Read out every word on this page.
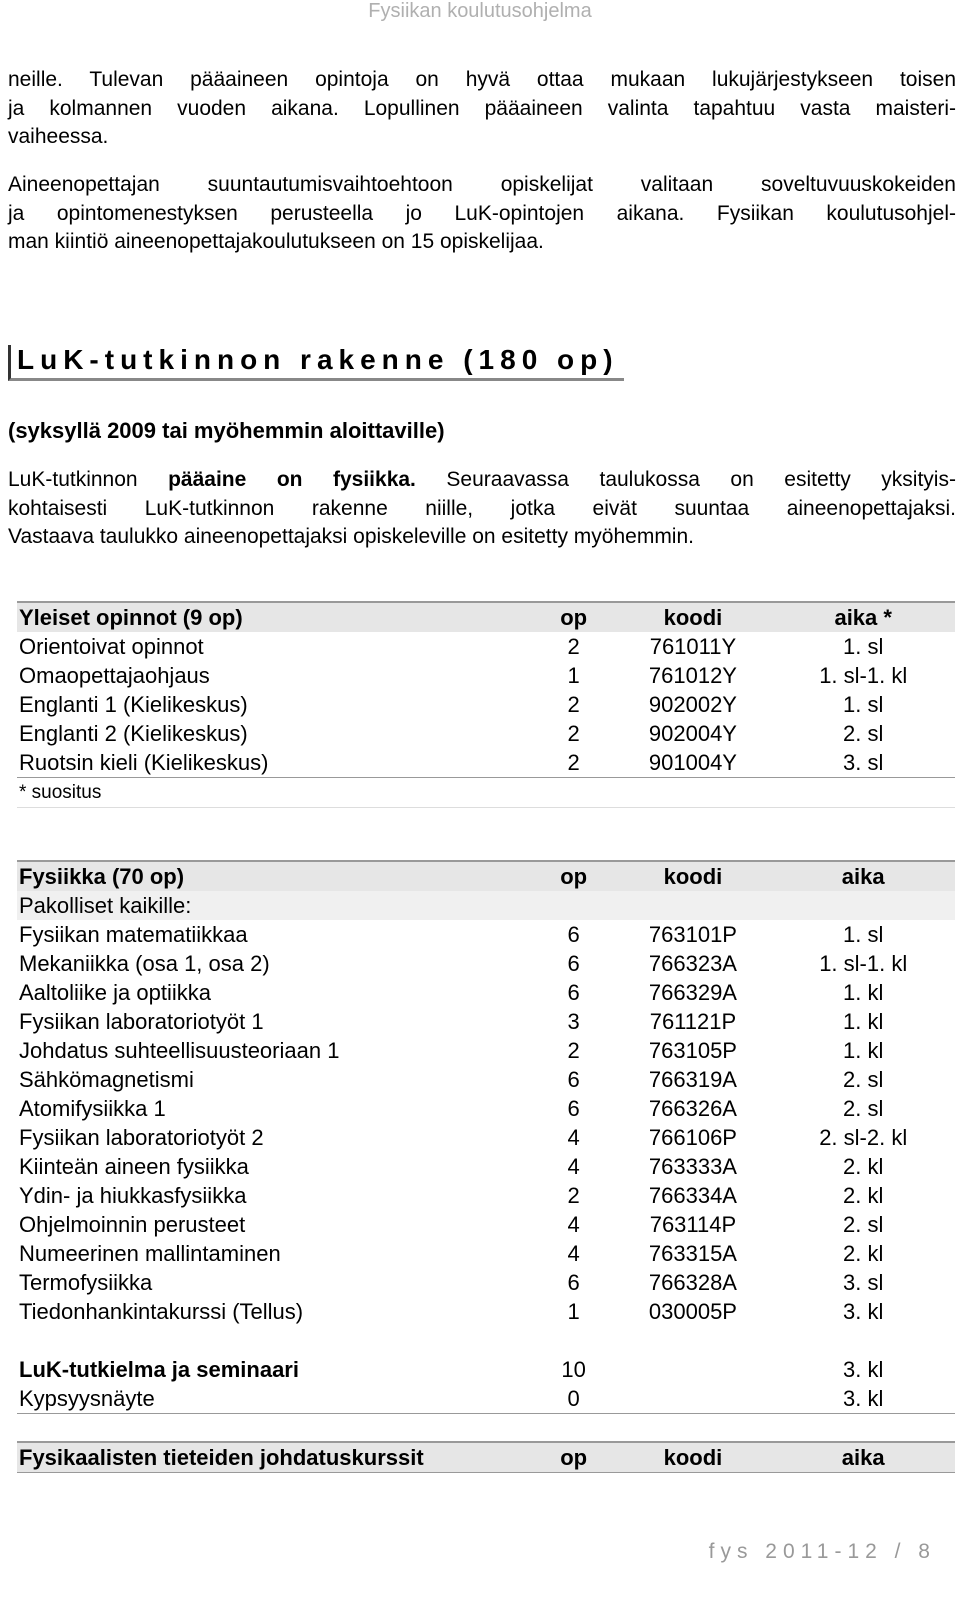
Fysiikan koulutusohjelma
neille. Tulevan pääaineen opintoja on hyvä ottaa mukaan lukujärjestykseen toisen
ja kolmannen vuoden aikana. Lopullinen pääaineen valinta tapahtuu vasta maisteri-
vaiheessa.
Aineenopettajan suuntautumisvaihtoehtoon opiskelijat valitaan soveltuvuuskokeiden
ja opintomenestyksen perusteella jo LuK-opintojen aikana. Fysiikan koulutusohjel-
man kiintiö aineenopettajakoulutukseen on 15 opiskelijaa.
LuK-tutkinnon rakenne (180 op)
(syksyllä 2009 tai myöhemmin aloittaville)
LuK-tutkinnon pääaine on fysiikka. Seuraavassa taulukossa on esitetty yksityis-
kohtaisesti LuK-tutkinnon rakenne niille, jotka eivät suuntaa aineenopettajaksi.
Vastaava taulukko aineenopettajaksi opiskeleville on esitetty myöhemmin.
Yleiset opinnot (9 op)	op	koodi	aika *
Orientoivat opinnot	2	761011Y	1. sl
Omaopettajaohjaus	1	761012Y	1. sl-1. kl
Englanti 1 (Kielikeskus)	2	902002Y	1. sl
Englanti 2 (Kielikeskus)	2	902004Y	2. sl
Ruotsin kieli (Kielikeskus)	2	901004Y	3. sl
* suositus			
Fysiikka (70 op)	op	koodi	aika
Pakolliset kaikille:			
Fysiikan matematiikkaa	6	763101P	1. sl
Mekaniikka (osa 1, osa 2)	6	766323A	1. sl-1. kl
Aaltoliike ja optiikka	6	766329A	1. kl
Fysiikan laboratoriotyöt 1	3	761121P	1. kl
Johdatus suhteellisuusteoriaan 1	2	763105P	1. kl
Sähkömagnetismi	6	766319A	2. sl
Atomifysiikka 1	6	766326A	2. sl
Fysiikan laboratoriotyöt 2	4	766106P	2. sl-2. kl
Kiinteän aineen fysiikka	4	763333A	2. kl
Ydin- ja hiukkasfysiikka	2	766334A	2. kl
Ohjelmoinnin perusteet	4	763114P	2. sl
Numeerinen mallintaminen	4	763315A	2. kl
Termofysiikka	6	766328A	3. sl
Tiedonhankintakurssi (Tellus)	1	030005P	3. kl

LuK-tutkielma ja seminaari	10		3. kl
Kypsyysnäyte	0		3. kl
Fysikaalisten tieteiden johdatuskurssit	op	koodi	aika
fys 2011-12 / 8
